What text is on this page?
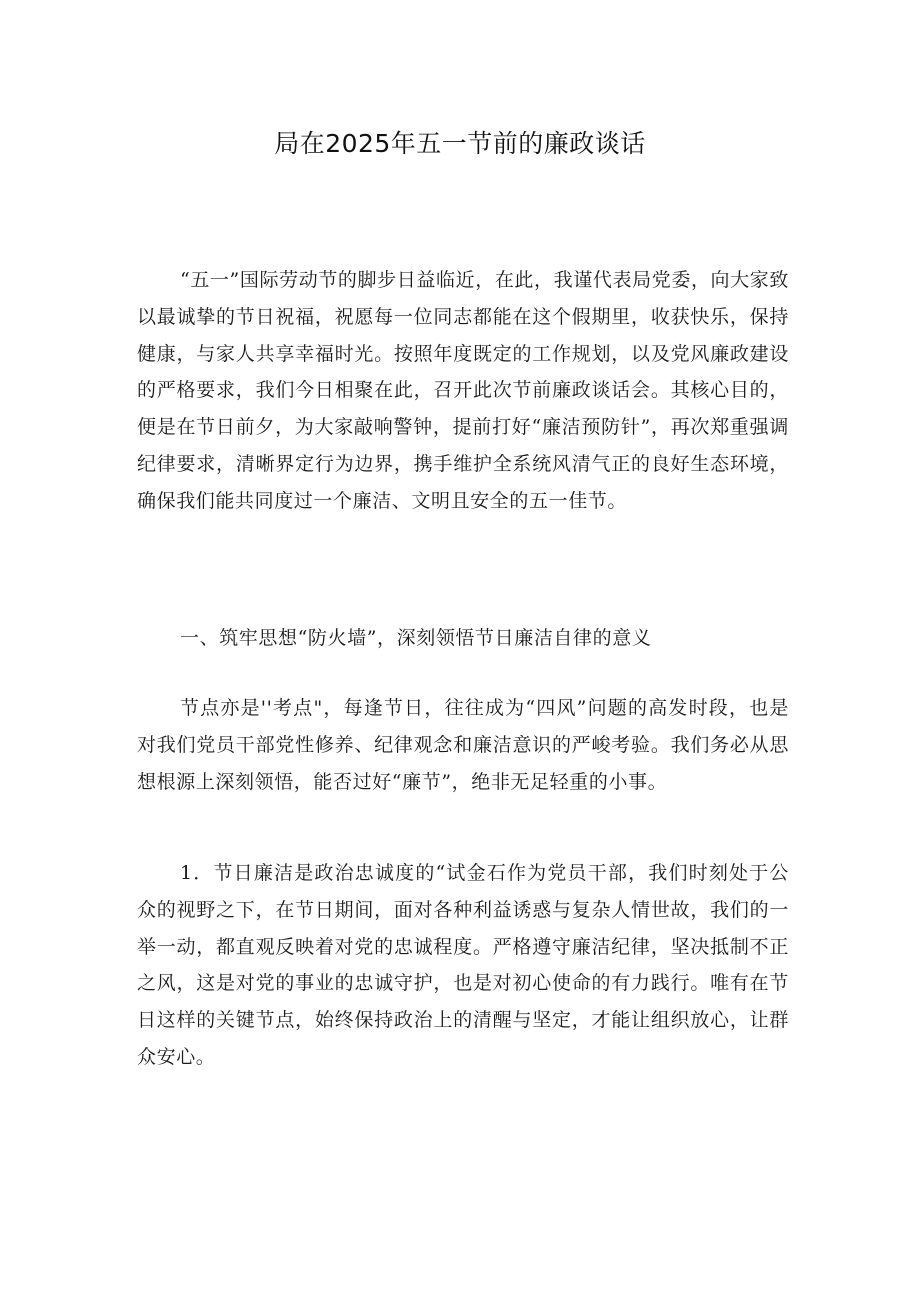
局在2025年五一节前的廉政谈话
“五一”国际劳动节的脚步日益临近，在此，我谨代表局党委，向大家致以最诚挚的节日祝福，祝愿每一位同志都能在这个假期里，收获快乐，保持健康，与家人共享幸福时光。按照年度既定的工作规划，以及党风廉政建设的严格要求，我们今日相聚在此，召开此次节前廉政谈话会。其核心目的，便是在节日前夕，为大家敲响警钟，提前打好“廉洁预防针”，再次郑重强调纪律要求，清晰界定行为边界，携手维护全系统风清气正的良好生态环境，确保我们能共同度过一个廉洁、文明且安全的五一佳节。
一、筑牢思想“防火墙”，深刻领悟节日廉洁自律的意义
节点亦是''考点"，每逢节日，往往成为“四风”问题的高发时段，也是对我们党员干部党性修养、纪律观念和廉洁意识的严峻考验。我们务必从思想根源上深刻领悟，能否过好“廉节”，绝非无足轻重的小事。
1．节日廉洁是政治忠诚度的“试金石作为党员干部，我们时刻处于公众的视野之下，在节日期间，面对各种利益诱惑与复杂人情世故，我们的一举一动，都直观反映着对党的忠诚程度。严格遵守廉洁纪律，坚决抵制不正之风，这是对党的事业的忠诚守护，也是对初心使命的有力践行。唯有在节日这样的关键节点，始终保持政治上的清醒与坚定，才能让组织放心，让群众安心。
